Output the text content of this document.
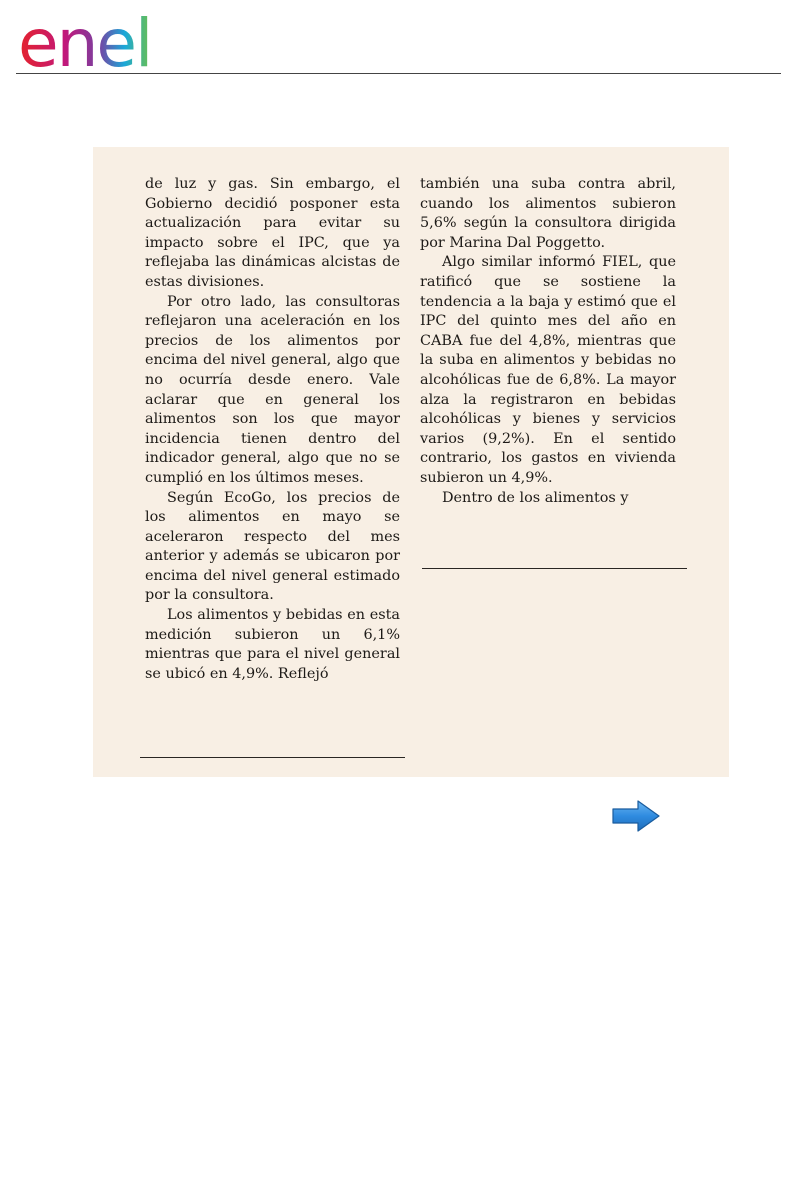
enel

de luz y gas. Sin embargo, el Gobierno decidió posponer esta actualización para evitar su impacto sobre el IPC, que ya reflejaba las dinámicas alcistas de estas divisiones.

Por otro lado, las consultoras reflejaron una aceleración en los precios de los alimentos por encima del nivel general, algo que no ocurría desde enero. Vale aclarar que en general los alimentos son los que mayor incidencia tienen dentro del indicador general, algo que no se cumplió en los últimos meses.

Según EcoGo, los precios de los alimentos en mayo se aceleraron respecto del mes anterior y además se ubicaron por encima del nivel general estimado por la consultora.

Los alimentos y bebidas en esta medición subieron un 6,1% mientras que para el nivel general se ubicó en 4,9%. Reflejó

también una suba contra abril, cuando los alimentos subieron 5,6% según la consultora dirigida por Marina Dal Poggetto.

Algo similar informó FIEL, que ratificó que se sostiene la tendencia a la baja y estimó que el IPC del quinto mes del año en CABA fue del 4,8%, mientras que la suba en alimentos y bebidas no alcohólicas fue de 6,8%. La mayor alza la registraron en bebidas alcohólicas y bienes y servicios varios (9,2%). En el sentido contrario, los gastos en vivienda subieron un 4,9%.

Dentro de los alimentos y
